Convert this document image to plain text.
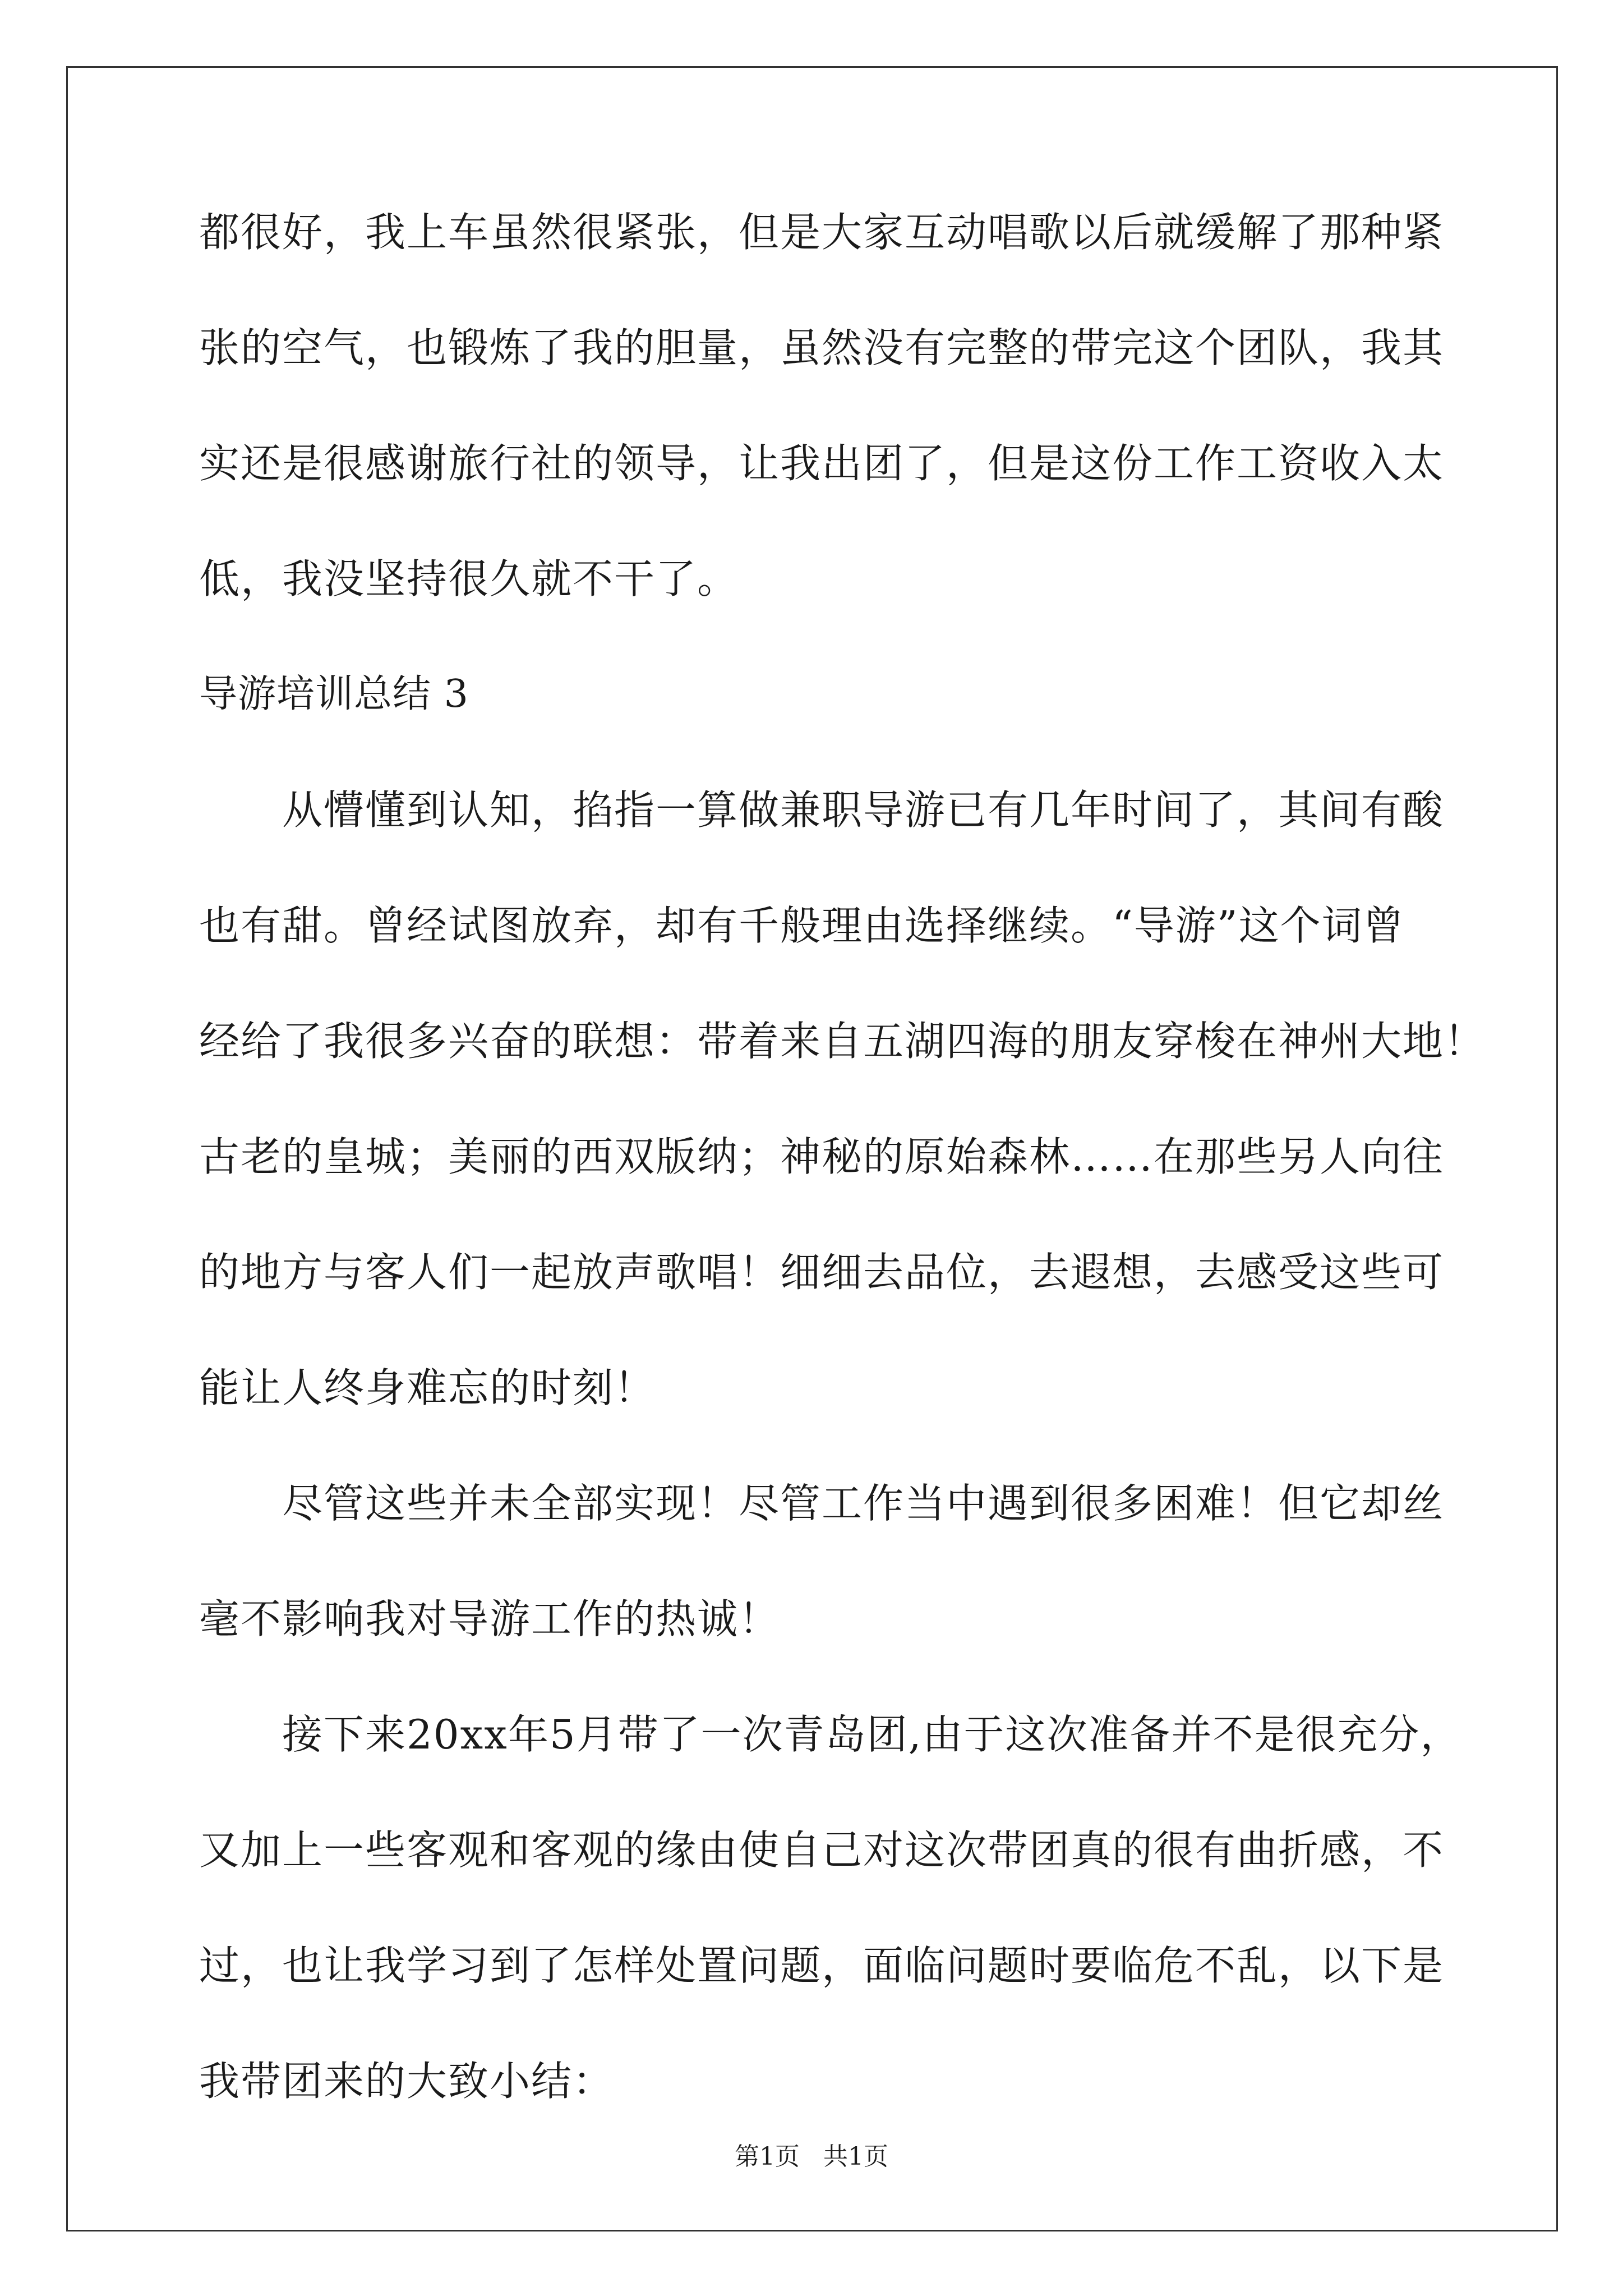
都很好，我上车虽然很紧张，但是大家互动唱歌以后就缓解了那种紧

张的空气，也锻炼了我的胆量，虽然没有完整的带完这个团队，我其

实还是很感谢旅行社的领导，让我出团了，但是这份工作工资收入太

低，我没坚持很久就不干了。

导游培训总结 3

从懵懂到认知，掐指一算做兼职导游已有几年时间了，其间有酸

也有甜。曾经试图放弃，却有千般理由选择继续。“导游”这个词曾

经给了我很多兴奋的联想：带着来自五湖四海的朋友穿梭在神州大地！

古老的皇城；美丽的西双版纳；神秘的原始森林……在那些另人向往

的地方与客人们一起放声歌唱！细细去品位，去遐想，去感受这些可

能让人终身难忘的时刻！

尽管这些并未全部实现！尽管工作当中遇到很多困难！但它却丝

毫不影响我对导游工作的热诚！

接下来20xx年5月带了一次青岛团,由于这次准备并不是很充分，

又加上一些客观和客观的缘由使自己对这次带团真的很有曲折感，不

过，也让我学习到了怎样处置问题，面临问题时要临危不乱，以下是

我带团来的大致小结：

第1页   共1页
